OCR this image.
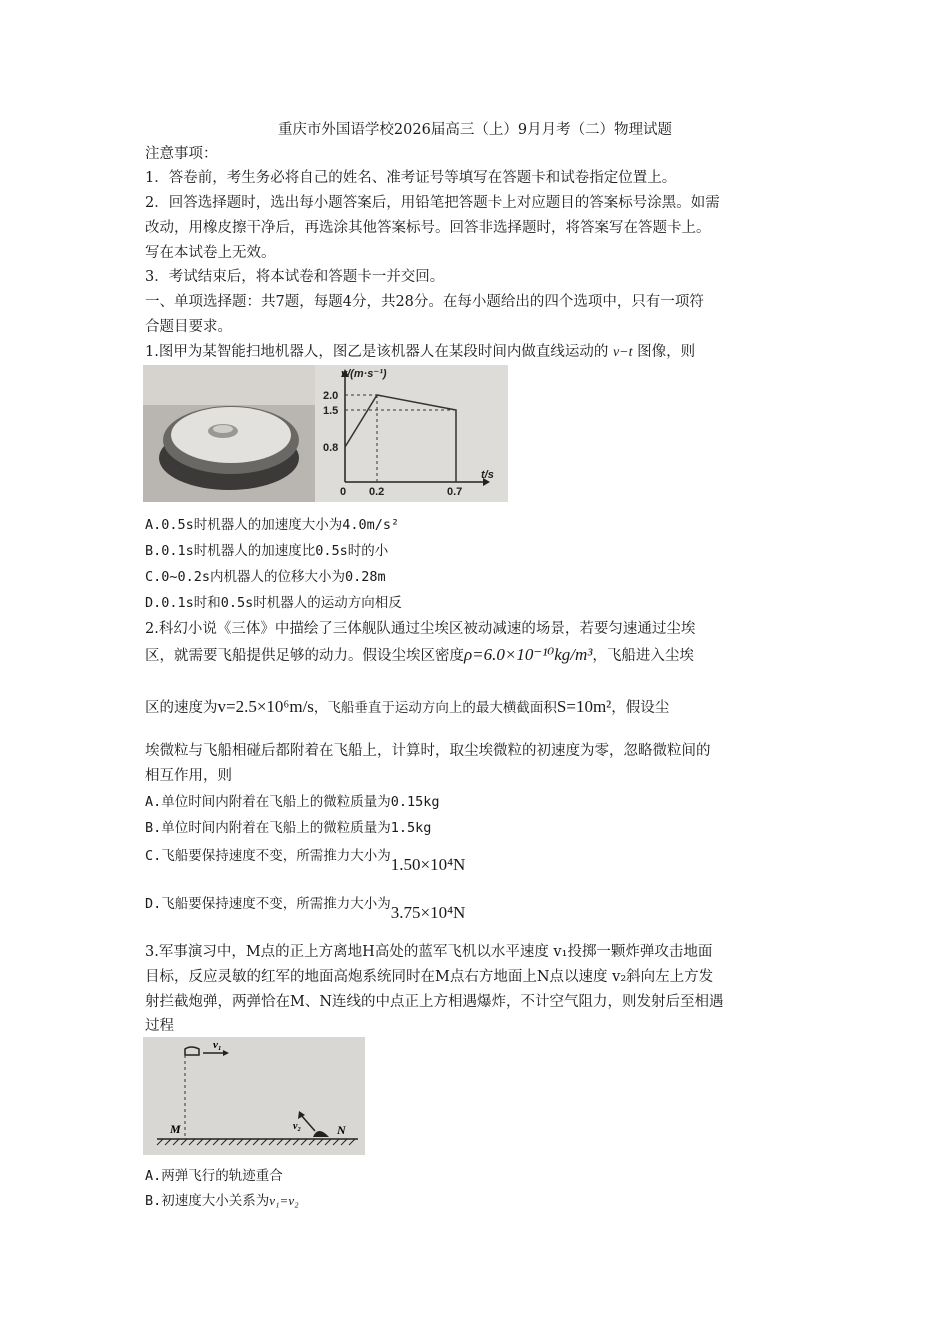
重庆市外国语学校2026届高三（上）9月月考（二）物理试题
注意事项：
1．答卷前，考生务必将自己的姓名、准考证号等填写在答题卡和试卷指定位置上。
2．回答选择题时，选出每小题答案后，用铅笔把答题卡上对应题目的答案标号涂黑。如需
改动，用橡皮擦干净后，再选涂其他答案标号。回答非选择题时，将答案写在答题卡上。
写在本试卷上无效。
3．考试结束后，将本试卷和答题卡一并交回。
一、单项选择题：共7题，每题4分，共28分。在每小题给出的四个选项中，只有一项符
合题目要求。
1.图甲为某智能扫地机器人，图乙是该机器人在某段时间内做直线运动的 v−t 图像，则
v/(m·s⁻¹)
2.0
1.5
0.8
0 0.2	0.7
t/s
A.0.5s时机器人的加速度大小为4.0m/s²
B.0.1s时机器人的加速度比0.5s时的小
C.0~0.2s内机器人的位移大小为0.28m
D.0.1s时和0.5s时机器人的运动方向相反
2.科幻小说《三体》中描绘了三体舰队通过尘埃区被动减速的场景，若要匀速通过尘埃
区，就需要飞船提供足够的动力。假设尘埃区密度ρ=6.0×10⁻¹⁰kg/m³，飞船进入尘埃
区的速度为v=2.5×10⁶m/s，飞船垂直于运动方向上的最大横截面积S=10m²，假设尘
埃微粒与飞船相碰后都附着在飞船上，计算时，取尘埃微粒的初速度为零，忽略微粒间的
相互作用，则
A.单位时间内附着在飞船上的微粒质量为0.15kg
B.单位时间内附着在飞船上的微粒质量为1.5kg
C.飞船要保持速度不变，所需推力大小为1.50×10⁴N
D.飞船要保持速度不变，所需推力大小为3.75×10⁴N
3.军事演习中，M点的正上方离地H高处的蓝军飞机以水平速度 v₁投掷一颗炸弹攻击地面
目标，反应灵敏的红军的地面高炮系统同时在M点右方地面上N点以速度 v₂斜向左上方发
射拦截炮弹，两弹恰在M、N连线的中点正上方相遇爆炸，不计空气阻力，则发射后至相遇
过程
v₁
v₂
M	N
A.两弹飞行的轨迹重合
B.初速度大小关系为v₁=v₂
